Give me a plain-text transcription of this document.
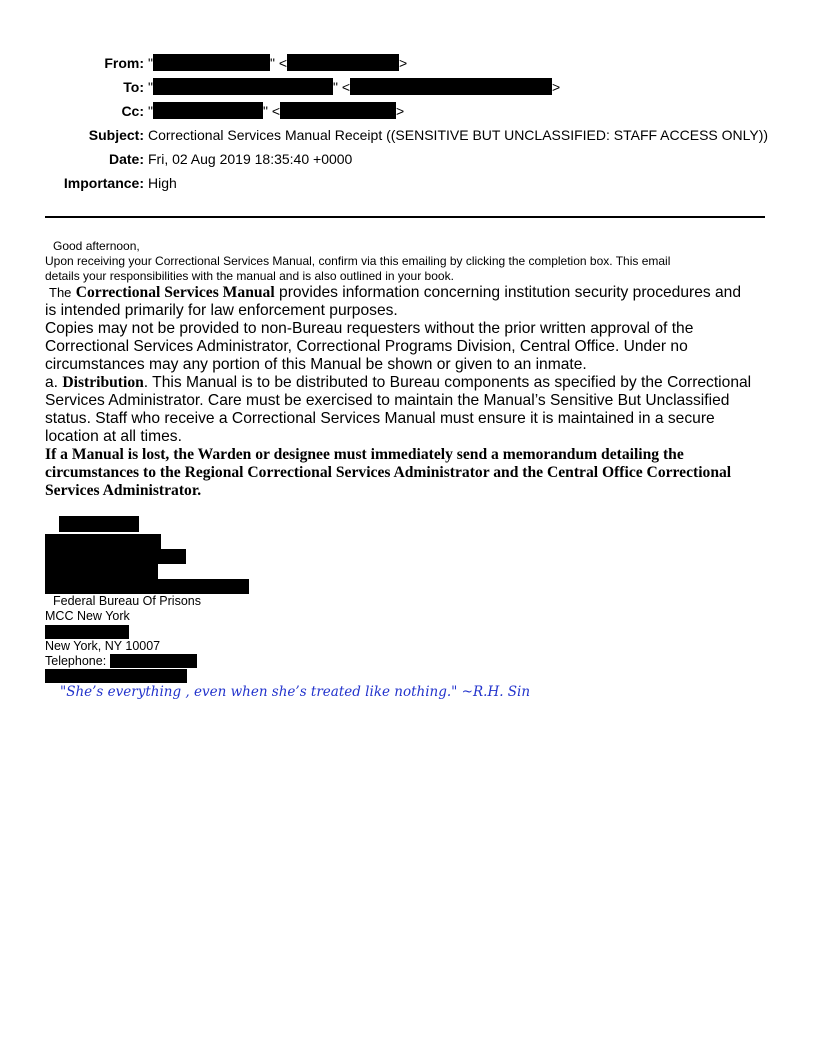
From: "	" <	>
To: "	" <	>
Cc: "	" <	>
Subject: Correctional Services Manual Receipt ((SENSITIVE BUT UNCLASSIFIED: STAFF ACCESS ONLY))
Date: Fri, 02 Aug 2019 18:35:40 +0000
Importance: High
Good afternoon,
Upon receiving your Correctional Services Manual, confirm via this emailing by clicking the completion box. This email
details your responsibilities with the manual and is also outlined in your book.
The Correctional Services Manual provides information concerning institution security procedures and
is intended primarily for law enforcement purposes.
Copies may not be provided to non-Bureau requesters without the prior written approval of the
Correctional Services Administrator, Correctional Programs Division, Central Office. Under no
circumstances may any portion of this Manual be shown or given to an inmate.
a. Distribution. This Manual is to be distributed to Bureau components as specified by the Correctional
Services Administrator. Care must be exercised to maintain the Manual’s Sensitive But Unclassified
status. Staff who receive a Correctional Services Manual must ensure it is maintained in a secure
location at all times.
If a Manual is lost, the Warden or designee must immediately send a memorandum detailing the
circumstances to the Regional Correctional Services Administrator and the Central Office Correctional
Services Administrator.
Federal Bureau Of Prisons
MCC New York
New York, NY 10007
Telephone:
"She’s everything , even when she’s treated like nothing." ~R.H. Sin
